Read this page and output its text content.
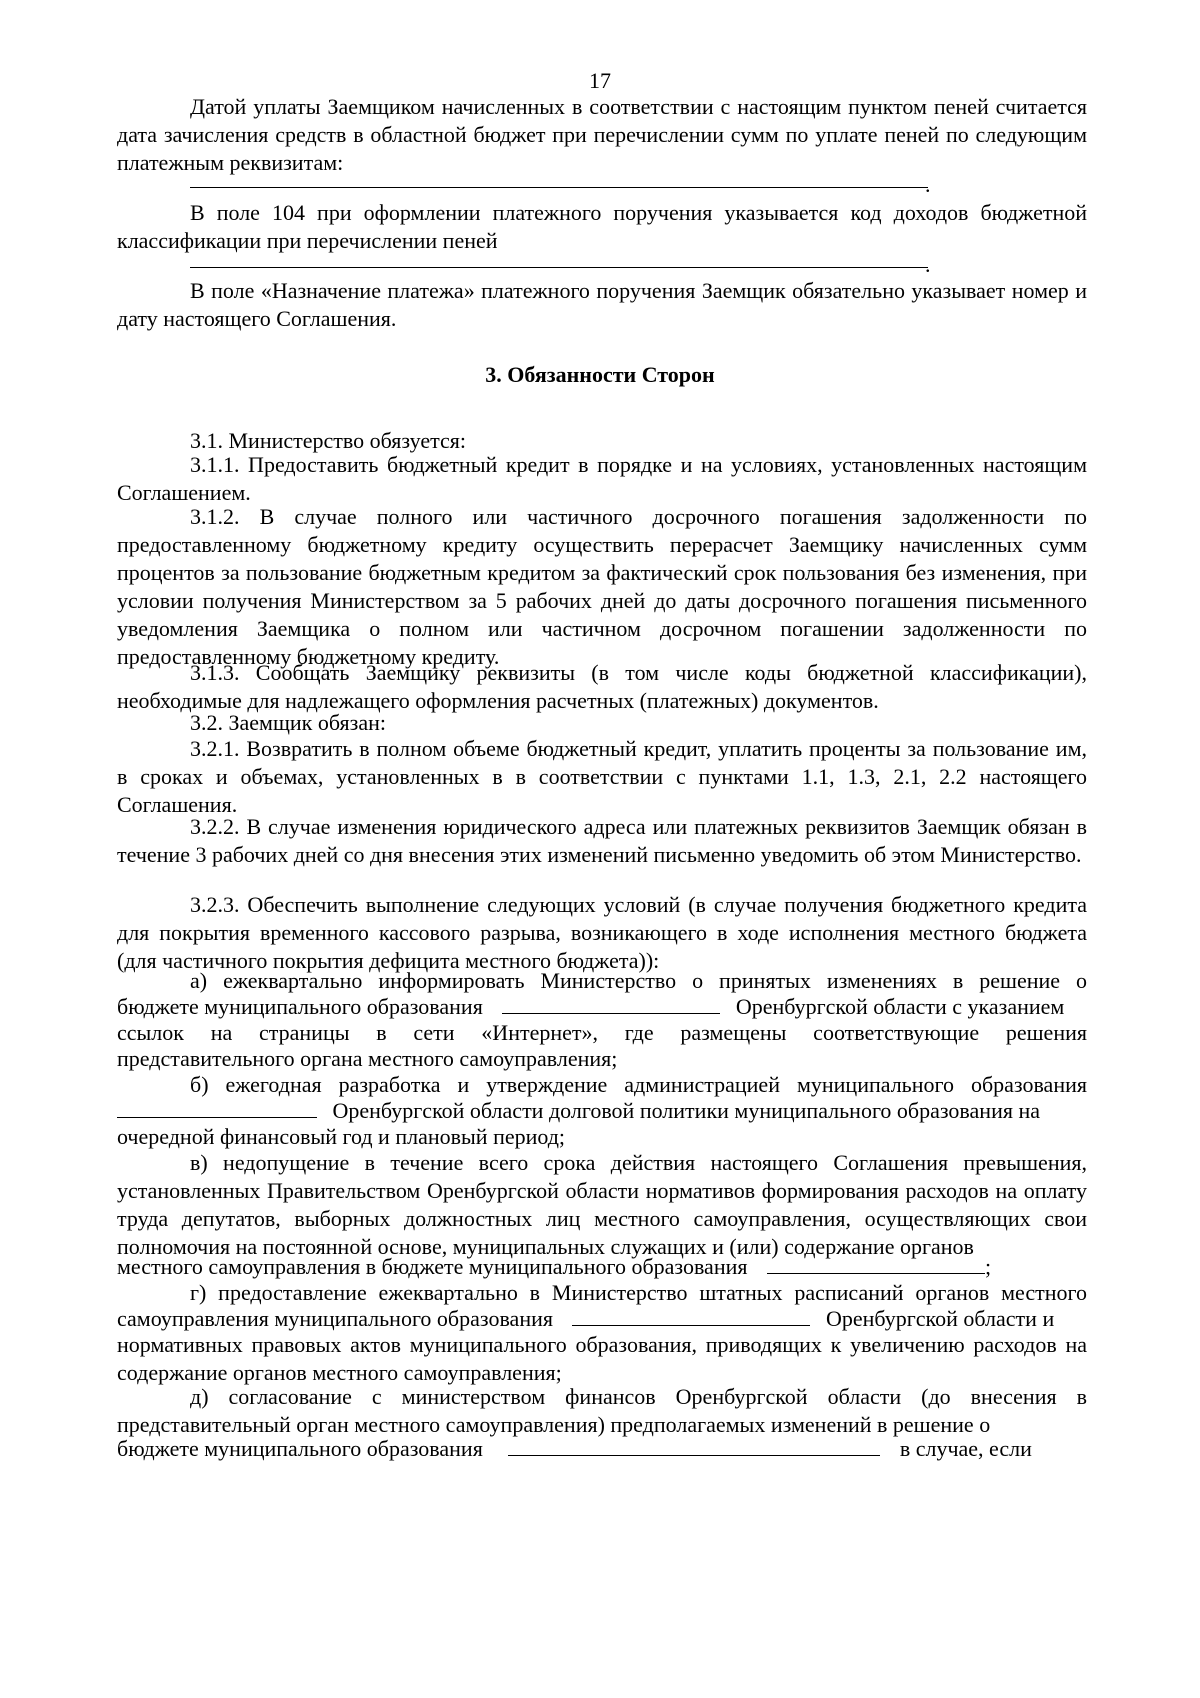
17
Датой уплаты Заемщиком начисленных в соответствии с настоящим пунктом пеней считается дата зачисления средств в областной бюджет при перечислении сумм по уплате пеней по следующим платежным реквизитам:
.
В поле 104 при оформлении платежного поручения указывается код доходов бюджетной классификации при перечислении пеней
.
В поле «Назначение платежа» платежного поручения Заемщик обязательно указывает номер и дату настоящего Соглашения.
3. Обязанности Сторон
3.1. Министерство обязуется:
3.1.1. Предоставить бюджетный кредит в порядке и на условиях, установленных настоящим Соглашением.
3.1.2. В случае полного или частичного досрочного погашения задолженности по предоставленному бюджетному кредиту осуществить перерасчет Заемщику начисленных сумм процентов за пользование бюджетным кредитом за фактический срок пользования без изменения, при условии получения Министерством за 5 рабочих дней до даты досрочного погашения письменного уведомления Заемщика о полном или частичном досрочном погашении задолженности по предоставленному бюджетному кредиту.
3.1.3. Сообщать Заемщику реквизиты (в том числе коды бюджетной классификации), необходимые для надлежащего оформления расчетных (платежных) документов.
3.2. Заемщик обязан:
3.2.1. Возвратить в полном объеме бюджетный кредит, уплатить проценты за пользование им, в сроках и объемах, установленных в в соответствии с пунктами 1.1, 1.3, 2.1, 2.2 настоящего Соглашения.
3.2.2. В случае изменения юридического адреса или платежных реквизитов Заемщик обязан в течение 3 рабочих дней со дня внесения этих изменений письменно уведомить об этом Министерство.
3.2.3. Обеспечить выполнение следующих условий (в случае получения бюджетного кредита для покрытия временного кассового разрыва, возникающего в ходе исполнения местного бюджета (для частичного покрытия дефицита местного бюджета)):
а) ежеквартально информировать Министерство о принятых изменениях в решение о
бюджете муниципального образования	Оренбургской области с указанием
ссылок на страницы в сети «Интернет», где размещены соответствующие решения
представительного органа местного самоуправления;
б) ежегодная разработка и утверждение администрацией муниципального образования
Оренбургской области долговой политики муниципального образования на
очередной финансовый год и плановый период;
в) недопущение в течение всего срока действия настоящего Соглашения превышения, установленных Правительством Оренбургской области нормативов формирования расходов на оплату труда депутатов, выборных должностных лиц местного самоуправления, осуществляющих свои полномочия на постоянной основе, муниципальных служащих и (или) содержание органов
местного самоуправления в бюджете муниципального образования	;
г) предоставление ежеквартально в Министерство штатных расписаний органов местного
самоуправления муниципального образования	Оренбургской области и
нормативных правовых актов муниципального образования, приводящих к увеличению расходов на содержание органов местного самоуправления;
д) согласование с министерством финансов Оренбургской области (до внесения в представительный орган местного самоуправления) предполагаемых изменений в решение о
бюджете муниципального образования	в случае, если
